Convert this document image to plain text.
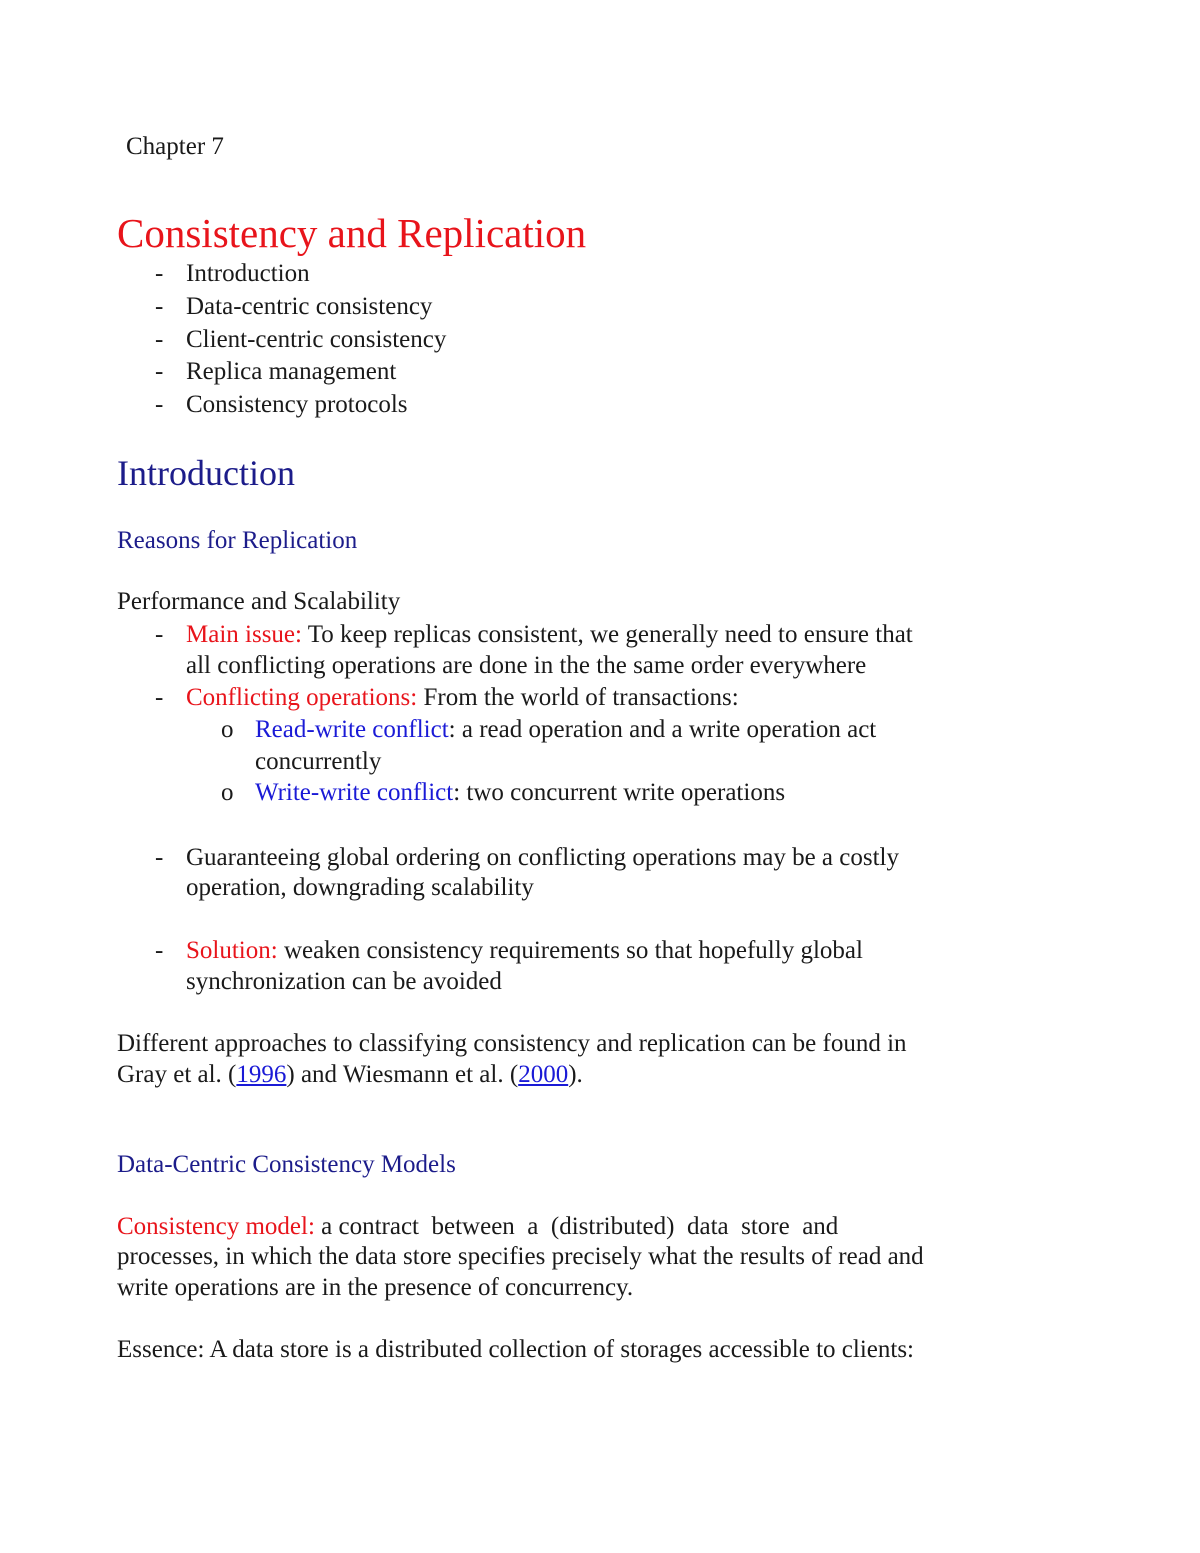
Chapter 7
Consistency and Replication
- Introduction
- Data-centric consistency
- Client-centric consistency
- Replica management
- Consistency protocols
Introduction
Reasons for Replication
Performance and Scalability
- Main issue: To keep replicas consistent, we generally need to ensure that
all conflicting operations are done in the the same order everywhere
- Conflicting operations: From the world of transactions:
o Read-write conflict: a read operation and a write operation act
concurrently
o Write-write conflict: two concurrent write operations
- Guaranteeing global ordering on conflicting operations may be a costly
operation, downgrading scalability
- Solution: weaken consistency requirements so that hopefully global
synchronization can be avoided
Different approaches to classifying consistency and replication can be found in
Gray et al. (1996) and Wiesmann et al. (2000).
Data-Centric Consistency Models
Consistency model: a contract  between  a  (distributed)  data  store  and
processes, in which the data store specifies precisely what the results of read and
write operations are in the presence of concurrency.
Essence: A data store is a distributed collection of storages accessible to clients:
